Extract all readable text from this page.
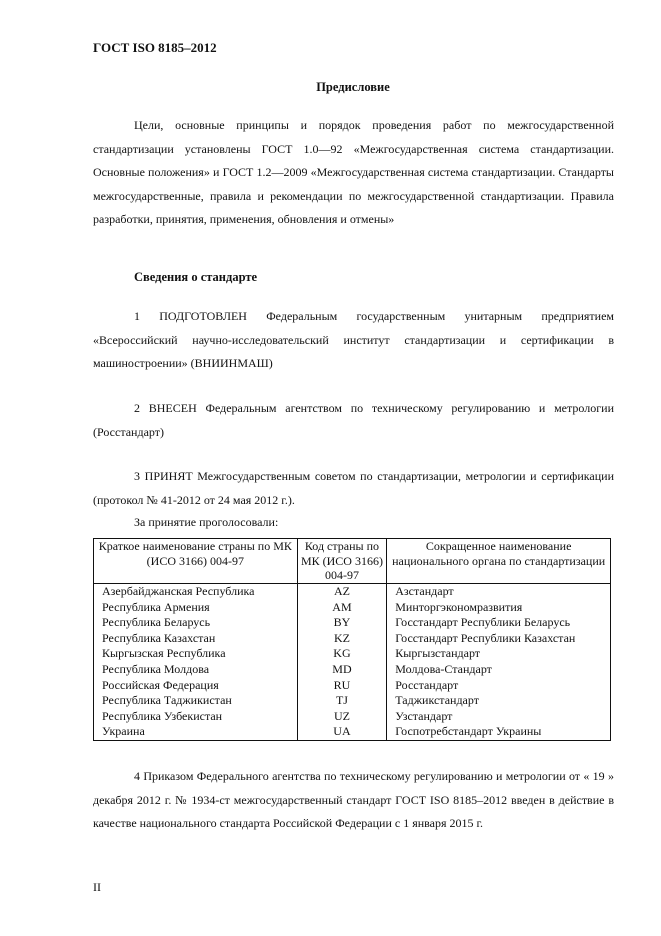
ГОСТ ISO 8185–2012
Предисловие

Цели, основные принципы и порядок проведения работ по межгосударственной стандартизации установлены ГОСТ 1.0—92 «Межгосударственная система стандартизации. Основные положения» и ГОСТ 1.2—2009 «Межгосударственная система стандартизации. Стандарты межгосударственные, правила и рекомендации по межгосударственной стандартизации. Правила разработки, принятия, применения, обновления и отмены»

Сведения о стандарте

1 ПОДГОТОВЛЕН Федеральным государственным унитарным предприятием «Всероссийский научно-исследовательский институт стандартизации и сертификации в машиностроении» (ВНИИНМАШ)

2 ВНЕСЕН Федеральным агентством по техническому регулированию и метрологии (Росстандарт)

3 ПРИНЯТ Межгосударственным советом по стандартизации, метрологии и сертификации (протокол № 41-2012 от 24 мая 2012 г.).

За принятие проголосовали:
Краткое наименование страны по МК (ИСО 3166) 004-97	Код страны по МК (ИСО 3166) 004-97	Сокращенное наименование национального органа по стандартизации
Азербайджанская Республика	AZ	Азстандарт
Республика Армения	AM	Минторгэкономразвития
Республика Беларусь	BY	Госстандарт Республики Беларусь
Республика Казахстан	KZ	Госстандарт Республики Казахстан
Кыргызская Республика	KG	Кыргызстандарт
Республика Молдова	MD	Молдова-Стандарт
Российская Федерация	RU	Росстандарт
Республика Таджикистан	TJ	Таджикстандарт
Республика Узбекистан	UZ	Узстандарт
Украина	UA	Госпотребстандарт Украины

4 Приказом Федерального агентства по техническому регулированию и метрологии от « 19 » декабря 2012 г. № 1934-ст межгосударственный стандарт ГОСТ ISO 8185–2012 введен в действие в качестве национального стандарта Российской Федерации с 1 января 2015 г.

II
